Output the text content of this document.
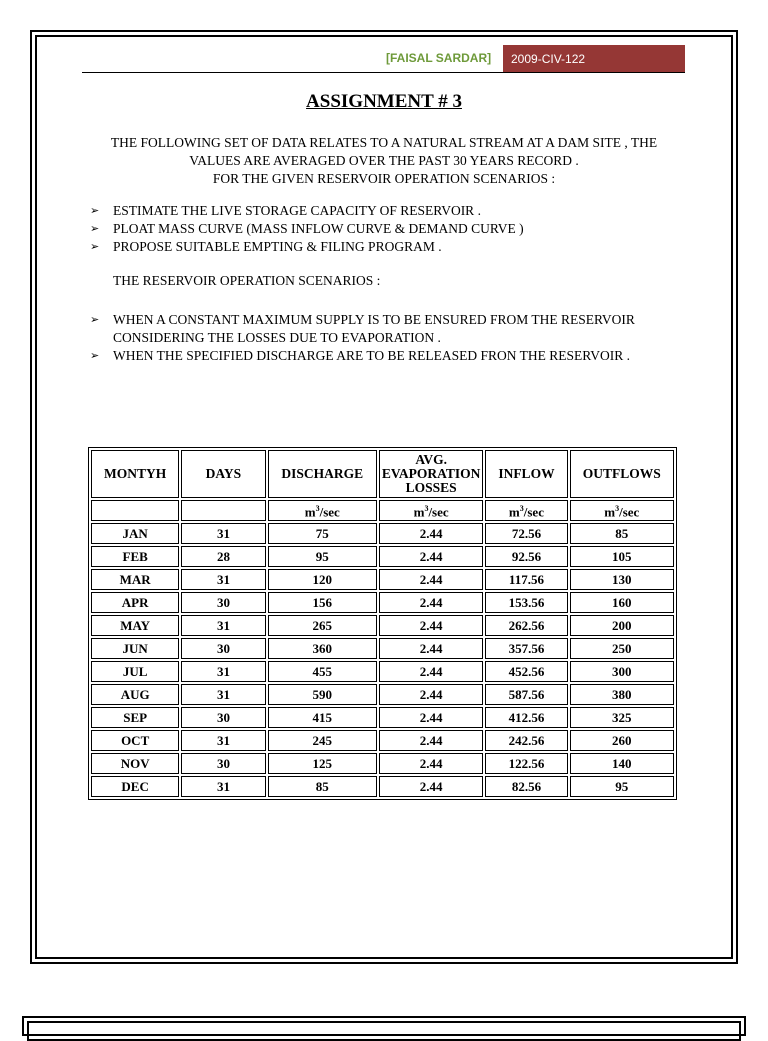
[FAISAL SARDAR]	2009-CIV-122
ASSIGNMENT # 3
THE FOLLOWING SET OF DATA RELATES TO A NATURAL STREAM AT A DAM SITE , THE
VALUES ARE AVERAGED OVER THE PAST 30 YEARS RECORD .
FOR THE GIVEN RESERVOIR OPERATION SCENARIOS :
➢ ESTIMATE THE LIVE STORAGE CAPACITY OF RESERVOIR .
➢ PLOAT MASS CURVE (MASS INFLOW CURVE & DEMAND CURVE )
➢ PROPOSE SUITABLE EMPTING & FILING PROGRAM .
THE RESERVOIR OPERATION SCENARIOS :
➢ WHEN A CONSTANT MAXIMUM SUPPLY IS TO BE ENSURED FROM THE RESERVOIR CONSIDERING THE LOSSES DUE TO EVAPORATION .
➢ WHEN THE SPECIFIED DISCHARGE ARE TO BE RELEASED FRON THE RESERVOIR .
MONTYH	DAYS	DISCHARGE	AVG.
EVAPORATION
LOSSES	INFLOW	OUTFLOWS
		$m^3/\sec$	$m^3/\sec$	$m^3/\sec$	$m^3/\sec$
JAN	31	75	2.44	72.56	85
FEB	28	95	2.44	92.56	105
MAR	31	120	2.44	117.56	130
APR	30	156	2.44	153.56	160
MAY	31	265	2.44	262.56	200
JUN	30	360	2.44	357.56	250
JUL	31	455	2.44	452.56	300
AUG	31	590	2.44	587.56	380
SEP	30	415	2.44	412.56	325
OCT	31	245	2.44	242.56	260
NOV	30	125	2.44	122.56	140
DEC	31	85	2.44	82.56	95
